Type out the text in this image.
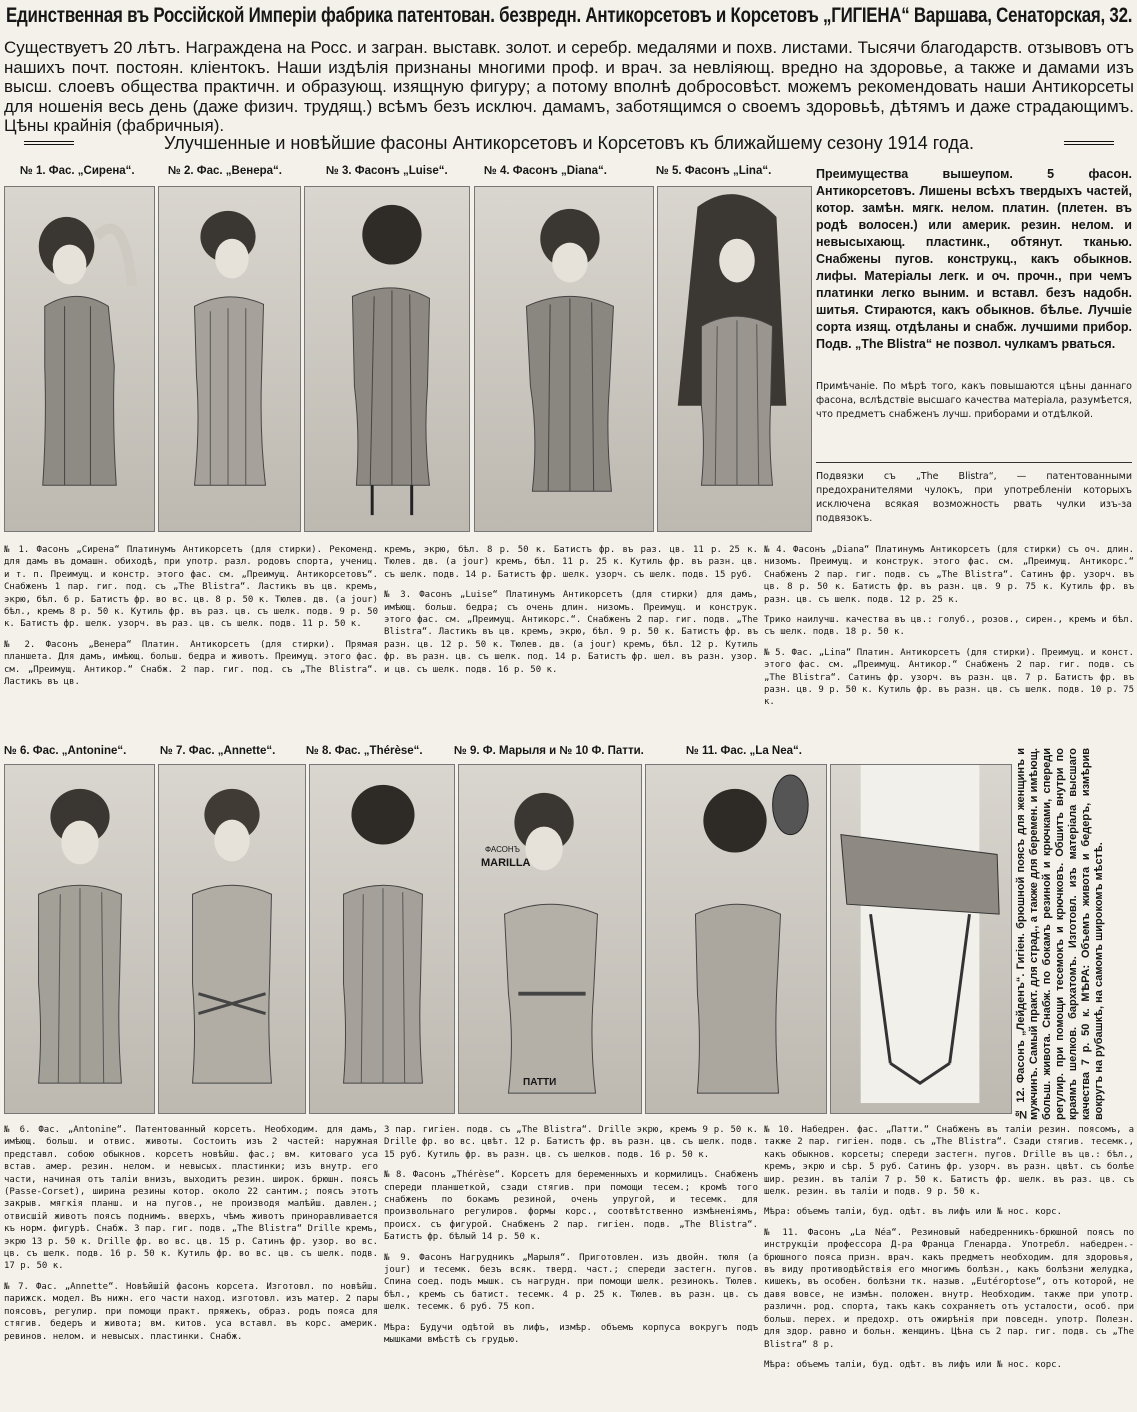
Единственная въ Россійской Имперіи фабрика патентован. безвредн. Антикорсетовъ и Корсетовъ „ГИГІЕНА“ Варшава, Сенаторская, 32.
Существуетъ 20 лѣтъ. Награждена на Росс. и загран. выставк. золот. и серебр. медалями и похв. листами. Тысячи благодарств. отзывовъ отъ нашихъ почт. постоян. кліентокъ. Наши издѣлія признаны многими проф. и врач. за невліяющ. вредно на здоровье, а также и дамами изъ высш. слоевъ общества практичн. и образующ. изящную фигуру; а потому вполнѣ добросовѣст. можемъ рекомендовать наши Антикорсеты для ношенія весь день (даже физич. трудящ.) всѣмъ безъ исключ. дамамъ, заботящимся о своемъ здоровьѣ, дѣтямъ и даже страдающимъ. Цѣны крайнія (фабричныя).
Улучшенные и новѣйшие фасоны Антикорсетовъ и Корсетовъ къ ближайшему сезону 1914 года.
№ 1. Фас. „Сирена“.	№ 2. Фас. „Венера“.	№ 3. Фасонъ „Luise“.	№ 4. Фасонъ „Diana“.	№ 5. Фасонъ „Lina“.	Преимущества вышеупом. 5 фасон. Антикорсетовъ. Лишены всѣхъ твердыхъ частей, котор. замѣн. мягк. нелом. платин. (плетен. въ родѣ волосен.) или америк. резин. нелом. и невысыхающ. пластинк., обтянут. тканью. Снабжены пугов. конструкц., какъ обыкнов. лифы. Матеріалы легк. и оч. прочн., при чемъ платинки легко выним. и вставл. безъ надобн. шитья. Стираются, какъ обыкнов. бѣлье. Лучшіе сорта изящ. отдѣланы и снабж. лучшими прибор. Подв. „The Blistra“ не позвол. чулкамъ рваться.
Примѣчаніе. По мѣрѣ того, какъ повышаются цѣны даннаго фасона, вслѣдствіе высшаго качества матеріала, разумѣется, что предметъ снабженъ лучш. приборами и отдѣлкой.
Подвязки съ „The Blistra“, — патентованными предохранителями чулокъ, при употребленіи которыхъ исключена всякая возможность рвать чулки изъ-за подвязокъ.

№ 1. Фасонъ „Сирена“ Платинумъ Антикорсетъ (для стирки). Рекоменд. для дамъ въ домашн. обиходѣ, при употр. разл. родовъ спорта, учениц. и т. п. Преимущ. и констр. этого фас. см. „Преимущ. Антикорсетовъ“. Снабженъ 1 пар. гиг. под. съ „The Blistra“. Ластикъ въ цв. кремъ, экрю, бѣл. 6 р. Батистъ фр. во вс. цв. 8 р. 50 к. Тюлев. дв. (a jour) бѣл., кремъ 8 р. 50 к. Кутиль фр. въ раз. цв. съ шелк. подв. 9 р. 50 к. Батистъ фр. шелк. узорч. въ раз. цв. съ шелк. подв. 11 р. 50 к.

№ 2. Фасонъ „Венера“ Платин. Антикорсетъ (для стирки). Прямая планшета. Для дамъ, имѣющ. больш. бедра и животъ. Преимущ. этого фас. см. „Преимущ. Антикор.“ Снабж. 2 пар. гиг. под. съ „The Blistra“. Ластикъ въ цв.

кремъ, экрю, бѣл. 8 р. 50 к. Батистъ фр. въ раз. цв. 11 р. 25 к. Тюлев. дв. (a jour) кремъ, бѣл. 11 р. 25 к. Кутиль фр. въ разн. цв. съ шелк. подв. 14 р. Батистъ фр. шелк. узорч. съ шелк. подв. 15 руб.

№ 3. Фасонъ „Luise“ Платинумъ Антикорсетъ (для стирки) для дамъ, имѣющ. больш. бедра; съ очень длин. низомъ. Преимущ. и конструк. этого фас. см. „Преимущ. Антикорс.“. Снабженъ 2 пар. гиг. подв. „The Blistra“. Ластикъ въ цв. кремъ, экрю, бѣл. 9 р. 50 к. Батистъ фр. въ разн. цв. 12 р. 50 к. Тюлев. дв. (a jour) кремъ, бѣл. 12 р. Кутиль фр. въ разн. цв. съ шелк. под. 14 р. Батистъ фр. шел. въ разн. узор. и цв. съ шелк. подв. 16 р. 50 к.

№ 4. Фасонъ „Diana“ Платинумъ Антикорсетъ (для стирки) съ оч. длин. низомъ. Преимущ. и конструк. этого фас. см. „Преимущ. Антикорс.“ Снабженъ 2 пар. гиг. подв. съ „The Blistra“. Сатинъ фр. узорч. въ цв. 8 р. 50 к. Батистъ фр. въ разн. цв. 9 р. 75 к. Кутиль фр. въ разн. цв. съ шелк. подв. 12 р. 25 к.

Трико наилучш. качества въ цв.: голуб., розов., сирен., кремъ и бѣл. съ шелк. подв. 18 р. 50 к.

№ 5. Фас. „Lina“ Платин. Антикорсетъ (для стирки). Преимущ. и конст. этого фас. см. „Преимущ. Антикор.“ Снабженъ 2 пар. гиг. подв. съ „The Blistra“. Сатинъ фр. узорч. въ разн. цв. 7 р. Батистъ фр. въ разн. цв. 9 р. 50 к. Кутиль фр. въ разн. цв. съ шелк. подв. 10 р. 75 к.

№ 6. Фас. „Antonine“.	№ 7. Фас. „Annette“.	№ 8. Фас. „Thérèse“.	№ 9. Ф. Марыля и № 10 Ф. Патти.	№ 11. Фас. „La Nea“.
ФАСОНЪ
MARILLA
ПАТТИ	№ 12. Фасонъ „Лейденъ“. Гигіен. брюшной поясъ для женщинъ и мужчинъ. Самый практ. для страд., а также для беремен. и имѣющ. больш. живота. Снабж. по бокамъ резиной и крючками, спереди регулир. при помощи тесемокъ и крючковъ. Обшитъ внутри по краямъ шелков. бархатомъ. Изготовл. изъ матеріала высшаго качества 7 р. 50 к. МѢРА: Объемъ живота и бедеръ, измѣрив вокругъ на рубашкѣ, на самомъ широкомъ мѣстѣ.

№ 6. Фас. „Antonine“. Патентованный корсетъ. Необходим. для дамъ, имѣющ. больш. и отвис. животы. Состоитъ изъ 2 частей: наружная представл. собою обыкнов. корсетъ новѣйш. фас.; вм. китоваго уса встав. амер. резин. нелом. и невысых. пластинки; изъ внутр. его части, начиная отъ таліи внизъ, выходитъ резин. широк. брюшн. поясъ (Passe-Corset), ширина резины котор. около 22 сантим.; поясъ этотъ закрыв. мягкія планш. и на пугов., не производя малѣйш. давлен.; отвисшій животъ поясъ поднимъ. вверхъ, чѣмъ животъ приноравливается къ норм. фигурѣ. Снабж. 3 пар. гиг. подв. „The Blistra“ Drille кремъ, экрю 13 р. 50 к. Drille фр. во вс. цв. 15 р. Сатинъ фр. узор. во вс. цв. съ шелк. подв. 16 р. 50 к. Кутиль фр. во вс. цв. съ шелк. подв. 17 р. 50 к.

№ 7. Фас. „Annette“. Новѣйшій фасонъ корсета. Изготовл. по новѣйш. парижск. модел. Въ нижн. его части наход. изготовл. изъ матер. 2 пары поясовъ, регулир. при помощи практ. пряжекъ, образ. родъ пояса для стягив. бедеръ и живота; вм. китов. уса вставл. въ корс. америк. ревинов. нелом. и невысых. пластинки. Снабж.

3 пар. гигіен. подв. съ „The Blistra“. Drille экрю, кремъ 9 р. 50 к. Drille фр. во вс. цвѣт. 12 р. Батистъ фр. въ разн. цв. съ шелк. подв. 15 руб. Кутиль фр. въ разн. цв. съ шелков. подв. 16 р. 50 к.

№ 8. Фасонъ „Thérèse“. Корсетъ для беременныхъ и кормилицъ. Снабженъ спереди планшеткой, сзади стягив. при помощи тесем.; кромѣ того снабженъ по бокамъ резиной, очень упругой, и тесемк. для произвольнаго регулиров. формы корс., соотвѣтственно измѣненіямъ, происх. съ фигурой. Снабженъ 2 пар. гигіен. подв. „The Blistra“. Батистъ фр. бѣлый 14 р. 50 к.

№ 9. Фасонъ Нагрудникъ „Марыля“. Приготовлен. изъ двойн. тюля (a jour) и тесемк. безъ всяк. тверд. част.; спереди застегн. пугов. Спина соед. подъ мышк. съ нагрудн. при помощи шелк. резинокъ. Тюлев. бѣл., кремъ съ батист. тесемк. 4 р. 25 к. Тюлев. въ разн. цв. съ шелк. тесемк. 6 руб. 75 коп.

Мѣра: Будучи одѣтой въ лифъ, измѣр. объемъ корпуса вокругъ подъ мышками вмѣстѣ съ грудью.

№ 10. Набедрен. фас. „Патти.“ Снабженъ въ таліи резин. поясомъ, а также 2 пар. гигіен. подв. съ „The Blistra“. Сзади стягив. тесемк., какъ обыкнов. корсеты; спереди застегн. пугов. Drille въ цв.: бѣл., кремъ, экрю и сѣр. 5 руб. Сатинъ фр. узорч. въ разн. цвѣт. съ болѣе шир. резин. въ таліи 7 р. 50 к. Батистъ фр. шелк. въ раз. цв. съ шелк. резин. въ таліи и подв. 9 р. 50 к.

Мѣра: объемъ таліи, буд. одѣт. въ лифъ или № нос. корс.

№ 11. Фасонъ „La Néa“. Резиновый набедренникъ-брюшной поясъ по инструкціи профессора Д-ра Франца Гленарда. Употребл. набедрен.-брюшного пояса призн. врач. какъ предметъ необходим. для здоровья, въ виду противодѣйствія его многимъ болѣзн., какъ болѣзни желудка, кишекъ, въ особен. болѣзни тк. назыв. „Eutéroptose“, отъ которой, не давя вовсе, не измѣн. положен. внутр. Необходим. также при употр. различн. род. спорта, такъ какъ сохраняетъ отъ усталости, особ. при больш. перех. и предохр. отъ ожирѣнія при повседн. употр. Полезн. для здор. равно и больн. женщинъ. Цѣна съ 2 пар. гиг. подв. съ „The Blistra“ 8 р.

Мѣра: объемъ таліи, буд. одѣт. въ лифъ или № нос. корс.
